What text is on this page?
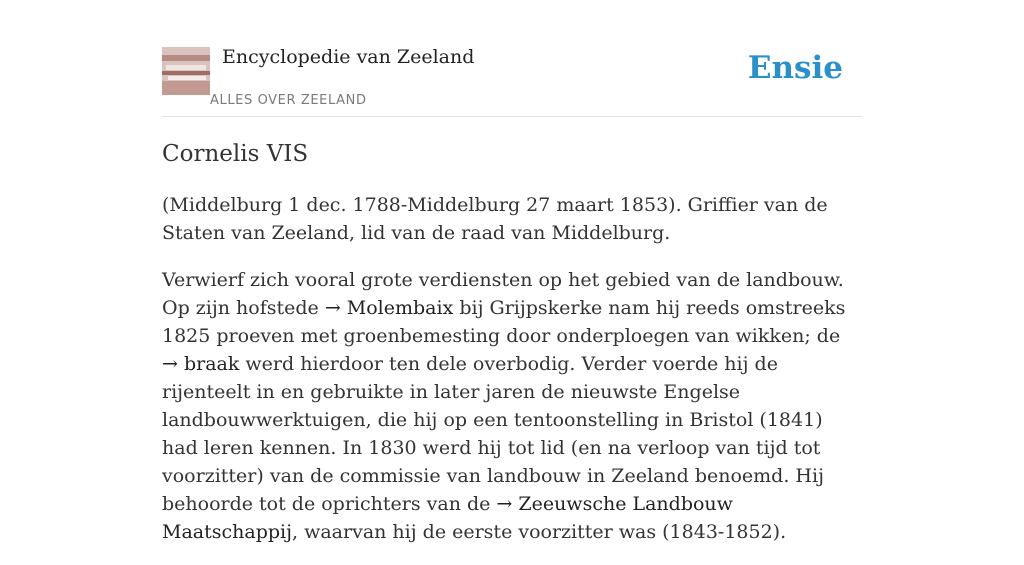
Encyclopedie van Zeeland
ALLES OVER ZEELAND
Ensie
Cornelis VIS

(Middelburg 1 dec. 1788-Middelburg 27 maart 1853). Griffier van de Staten van Zeeland, lid van de raad van Middelburg.

Verwierf zich vooral grote verdiensten op het gebied van de landbouw. Op zijn hofstede → Molembaix bij Grijpskerke nam hij reeds omstreeks 1825 proeven met groenbemesting door onderploegen van wikken; de → braak werd hierdoor ten dele overbodig. Verder voerde hij de rijenteelt in en gebruikte in later jaren de nieuwste Engelse landbouwwerktuigen, die hij op een tentoonstelling in Bristol (1841) had leren kennen. In 1830 werd hij tot lid (en na verloop van tijd tot voorzitter) van de commissie van landbouw in Zeeland benoemd. Hij behoorde tot de oprichters van de → Zeeuwsche Landbouw Maatschappij, waarvan hij de eerste voorzitter was (1843-1852).
